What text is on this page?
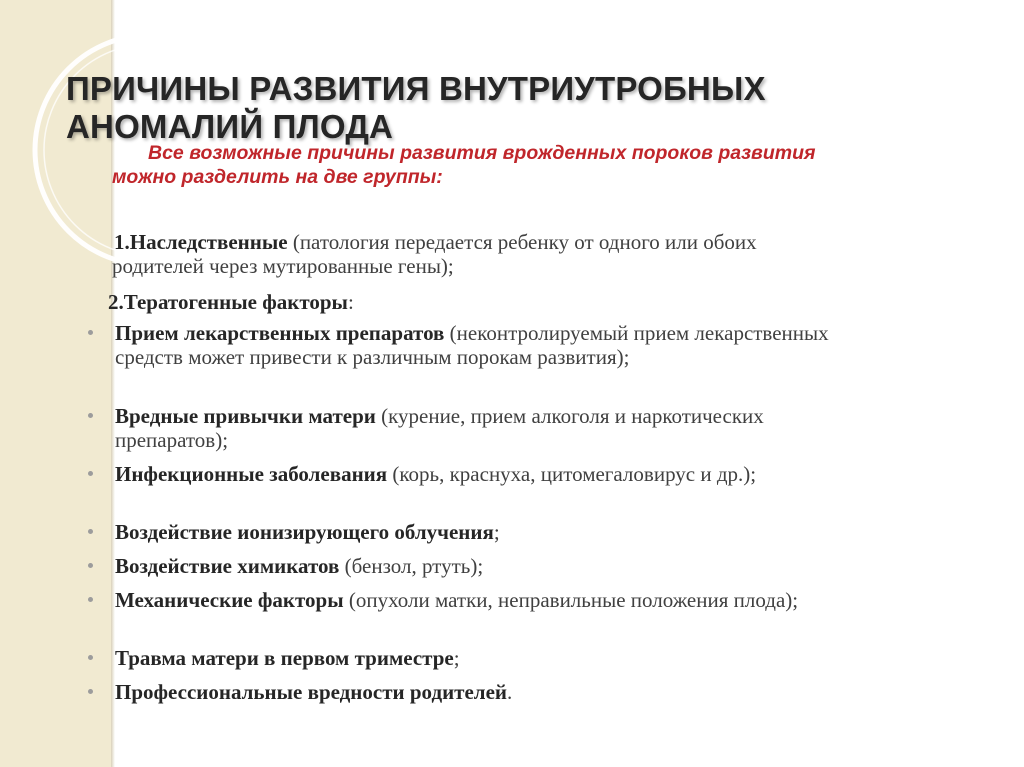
ПРИЧИНЫ РАЗВИТИЯ ВНУТРИУТРОБНЫХ
АНОМАЛИЙ ПЛОДА
Все возможные причины развития врожденных пороков развития можно разделить на две группы:
1.Наследственные (патология передается ребенку от одного или обоих родителей через мутированные гены);
2.Тератогенные факторы:
Прием лекарственных препаратов (неконтролируемый прием лекарственных средств может привести к различным порокам развития);
Вредные привычки матери (курение, прием алкоголя и наркотических препаратов);
Инфекционные заболевания (корь, краснуха, цитомегаловирус и др.);
Воздействие ионизирующего облучения;
Воздействие химикатов (бензол, ртуть);
Механические факторы (опухоли матки, неправильные положения плода);
Травма матери в первом триместре;
Профессиональные вредности родителей.
